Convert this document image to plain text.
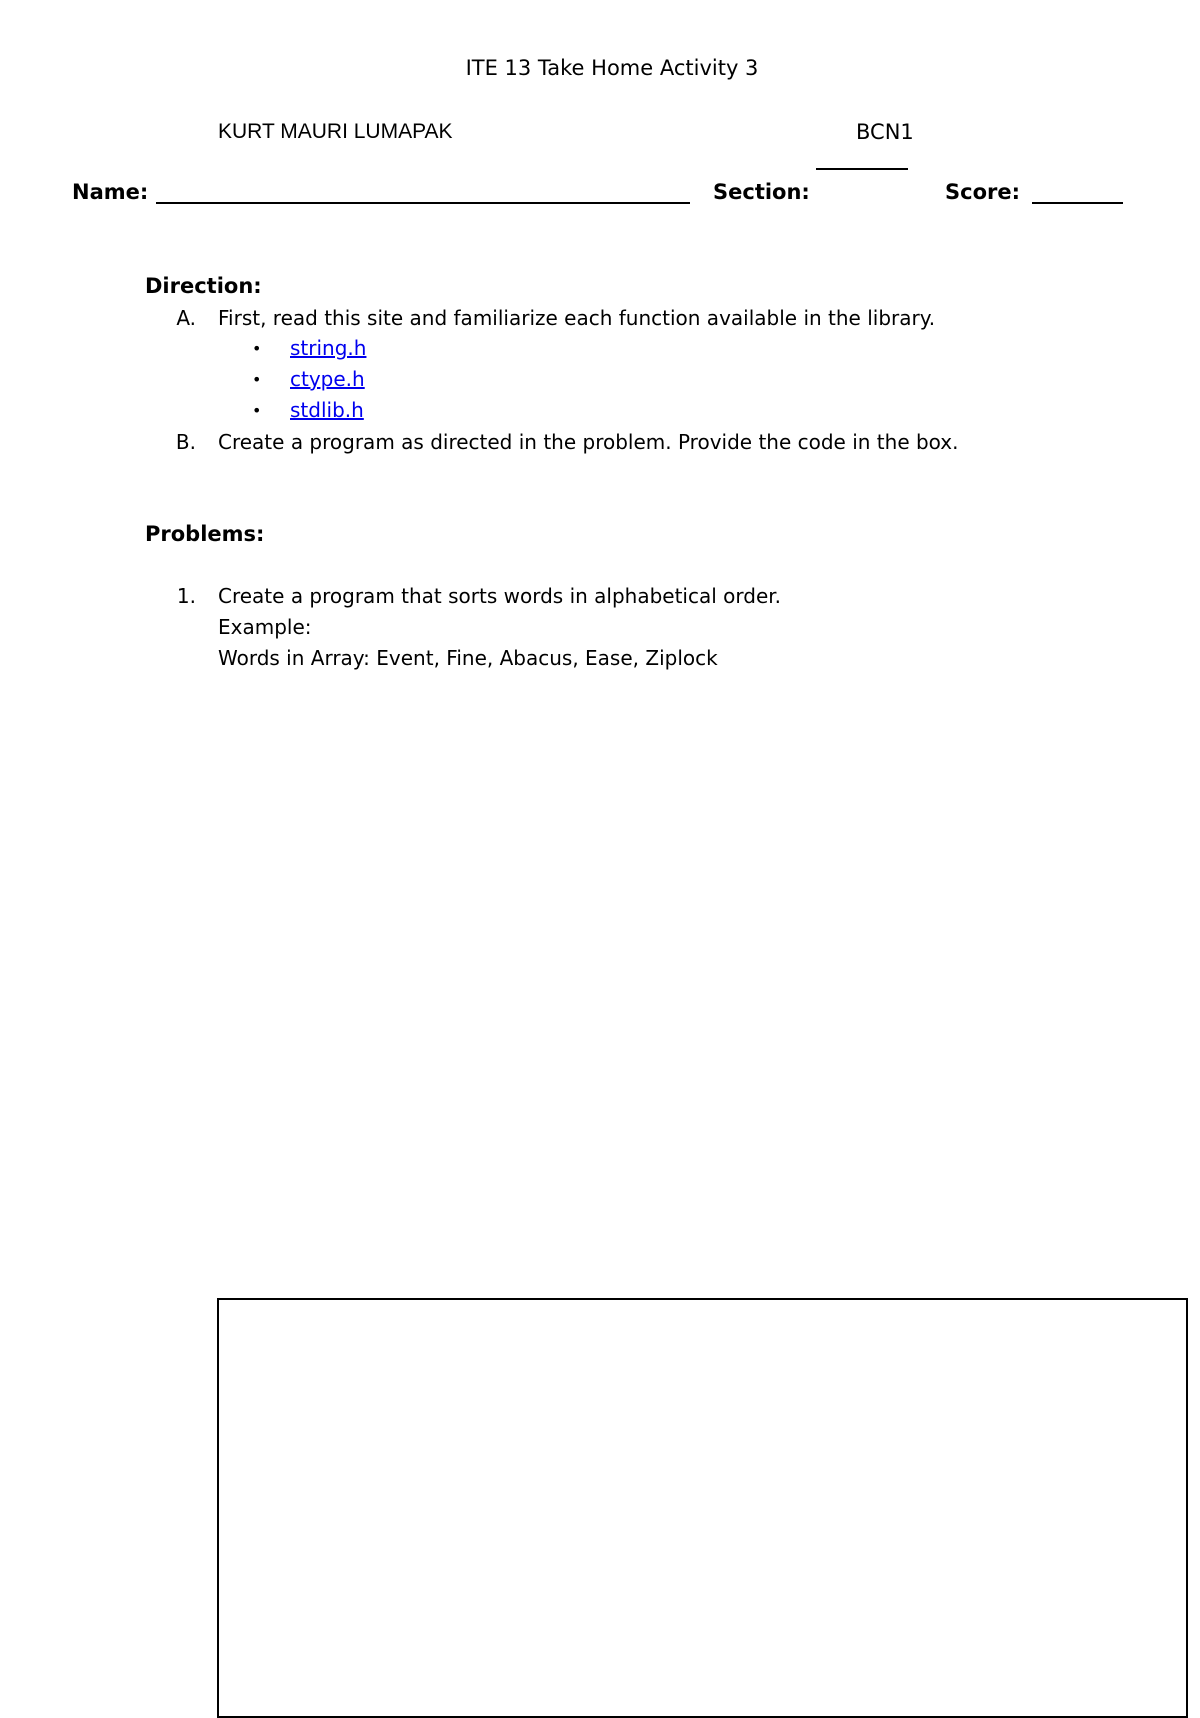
ITE 13 Take Home Activity 3
KURT MAURI LUMAPAK	BCN1
Name:	Section:	Score:
Direction:
A. First, read this site and familiarize each function available in the library.
• string.h
• ctype.h
• stdlib.h
B. Create a program as directed in the problem. Provide the code in the box.
Problems:
1. Create a program that sorts words in alphabetical order.
Example:
Words in Array: Event, Fine, Abacus, Ease, Ziplock
